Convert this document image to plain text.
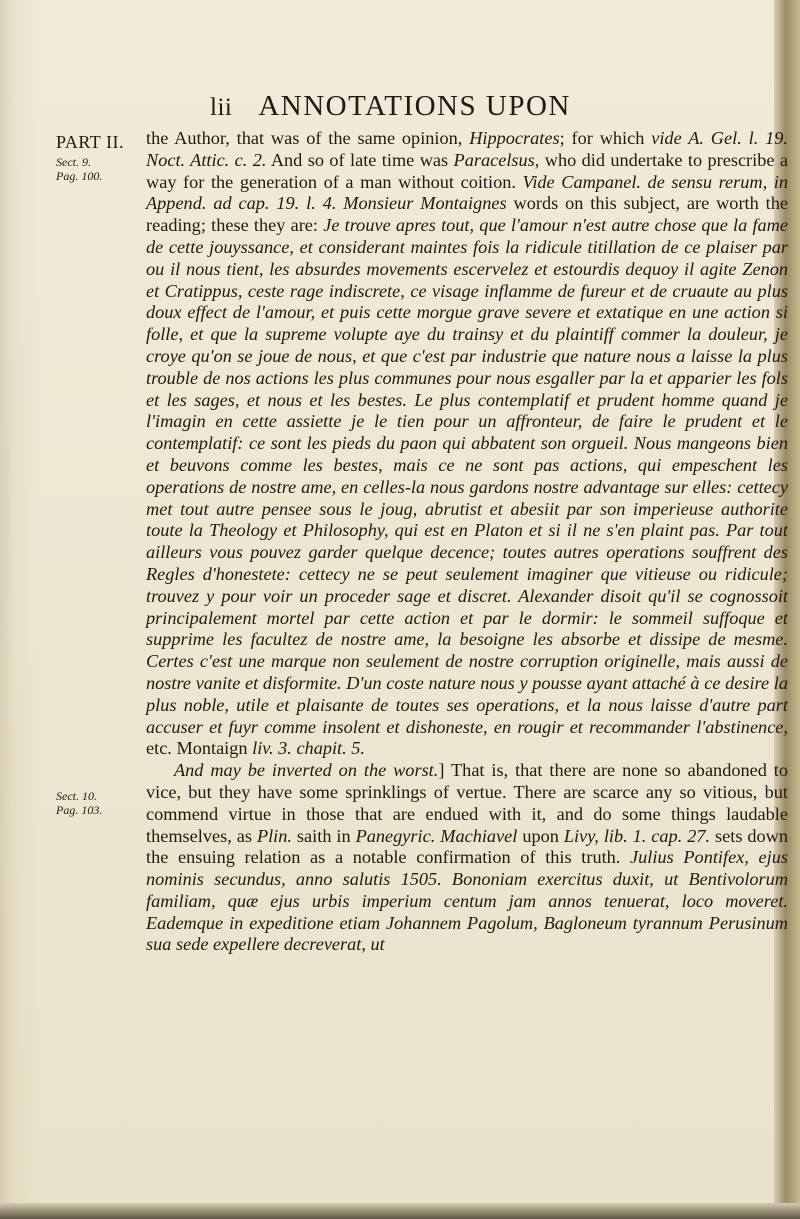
lii ANNOTATIONS UPON
PART II.
Sect. 9.
Pag. 100.
Sect. 10.
Pag. 103.

the Author, that was of the same opinion, Hippocrates; for which vide A. Gel. l. 19. Noct. Attic. c. 2. And so of late time was Paracelsus, who did undertake to prescribe a way for the generation of a man without coition. Vide Campanel. de sensu rerum, in Append. ad cap. 19. l. 4. Monsieur Montaignes words on this subject, are worth the reading; these they are: Je trouve apres tout, que l'amour n'est autre chose que la fame de cette jouyssance, et considerant maintes fois la ridicule titillation de ce plaiser par ou il nous tient, les absurdes movements escervelez et estourdis dequoy il agite Zenon et Cratippus, ceste rage indiscrete, ce visage inflamme de fureur et de cruaute au plus doux effect de l'amour, et puis cette morgue grave severe et extatique en une action si folle, et que la supreme volupte aye du trainsy et du plaintiff commer la douleur, je croye qu'on se joue de nous, et que c'est par industrie que nature nous a laisse la plus trouble de nos actions les plus communes pour nous esgaller par la et apparier les fols et les sages, et nous et les bestes. Le plus contemplatif et prudent homme quand je l'imagin en cette assiette je le tien pour un affronteur, de faire le prudent et le contemplatif: ce sont les pieds du paon qui abbatent son orgueil. Nous mangeons bien et beuvons comme les bestes, mais ce ne sont pas actions, qui empeschent les operations de nostre ame, en celles-la nous gardons nostre advantage sur elles: cettecy met tout autre pensee sous le joug, abrutist et abesiit par son imperieuse authorite toute la Theology et Philosophy, qui est en Platon et si il ne s'en plaint pas. Par tout ailleurs vous pouvez garder quelque decence; toutes autres operations souffrent des Regles d'honestete: cettecy ne se peut seulement imaginer que vitieuse ou ridicule; trouvez y pour voir un proceder sage et discret. Alexander disoit qu'il se cognossoit principalement mortel par cette action et par le dormir: le sommeil suffoque et supprime les facultez de nostre ame, la besoigne les absorbe et dissipe de mesme. Certes c'est une marque non seulement de nostre corruption originelle, mais aussi de nostre vanite et disformite. D'un coste nature nous y pousse ayant attaché à ce desire la plus noble, utile et plaisante de toutes ses operations, et la nous laisse d'autre part accuser et fuyr comme insolent et dishoneste, en rougir et recommander l'abstinence, etc. Montaign liv. 3. chapit. 5.

And may be inverted on the worst.] That is, that there are none so abandoned to vice, but they have some sprinklings of vertue. There are scarce any so vitious, but commend virtue in those that are endued with it, and do some things laudable themselves, as Plin. saith in Panegyric. Machiavel upon Livy, lib. 1. cap. 27. sets down the ensuing relation as a notable confirmation of this truth. Julius Pontifex, ejus nominis secundus, anno salutis 1505. Bononiam exercitus duxit, ut Bentivolorum familiam, quæ ejus urbis imperium centum jam annos tenuerat, loco moveret. Eademque in expeditione etiam Johannem Pagolum, Bagloneum tyrannum Perusinum sua sede expellere decreverat, ut
